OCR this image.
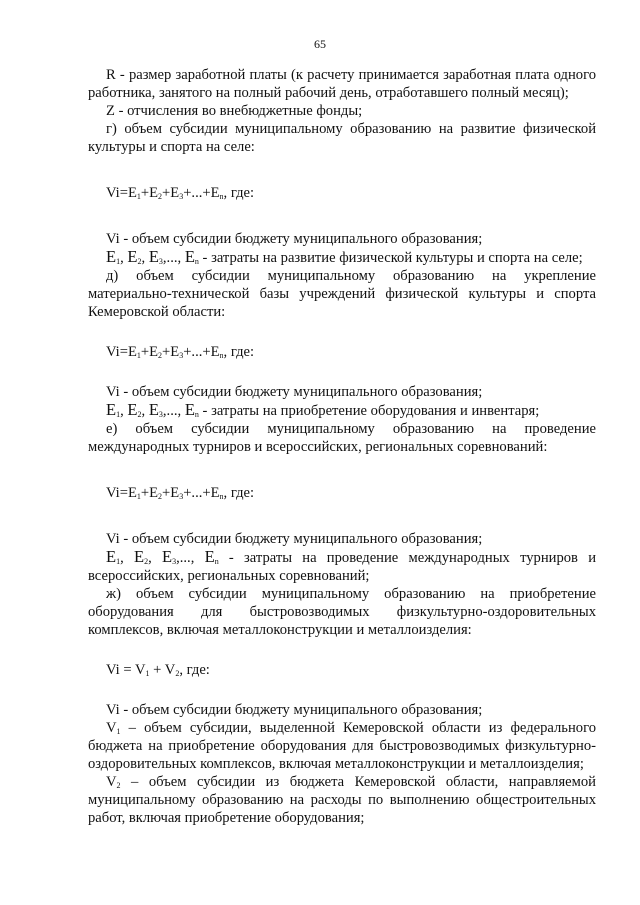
65

R - размер заработной платы (к расчету принимается заработная плата одного работника, занятого на полный рабочий день, отработавшего полный месяц);

Z - отчисления во внебюджетные фонды;

г) объем субсидии муниципальному образованию на развитие физической культуры и спорта на селе:

$Vi=E_1+E_2+E_3+...+E_n$, где:

Vi - объем субсидии бюджету муниципального образования;

$E_1$, $E_2$, $E_3$,..., $E_n$ - затраты на развитие физической культуры и спорта на селе;

д) объем субсидии муниципальному образованию на укрепление материально-технической базы учреждений физической культуры и спорта Кемеровской области:

$Vi=E_1+E_2+E_3+...+E_n$, где:

Vi - объем субсидии бюджету муниципального образования;

$E_1$, $E_2$, $E_3$,..., $E_n$ - затраты на приобретение оборудования и инвентаря;

е) объем субсидии муниципальному образованию на проведение международных турниров и всероссийских, региональных соревнований:

$Vi=E_1+E_2+E_3+...+E_n$, где:

Vi - объем субсидии бюджету муниципального образования;

$E_1$, $E_2$, $E_3$,..., $E_n$ - затраты на проведение международных турниров и всероссийских, региональных соревнований;

ж) объем субсидии муниципальному образованию на приобретение оборудования для быстровозводимых физкультурно-оздоровительных комплексов, включая металлоконструкции и металлоизделия:

$Vi = V_1 + V_2$, где:

Vi - объем субсидии бюджету муниципального образования;

$V_1$ – объем субсидии, выделенной Кемеровской области из федерального бюджета на приобретение оборудования для быстровозводимых физкультурно-оздоровительных комплексов, включая металлоконструкции и металлоизделия;

$V_2$ – объем субсидии из бюджета Кемеровской области, направляемой муниципальному образованию на расходы по выполнению общестроительных работ, включая приобретение оборудования;
